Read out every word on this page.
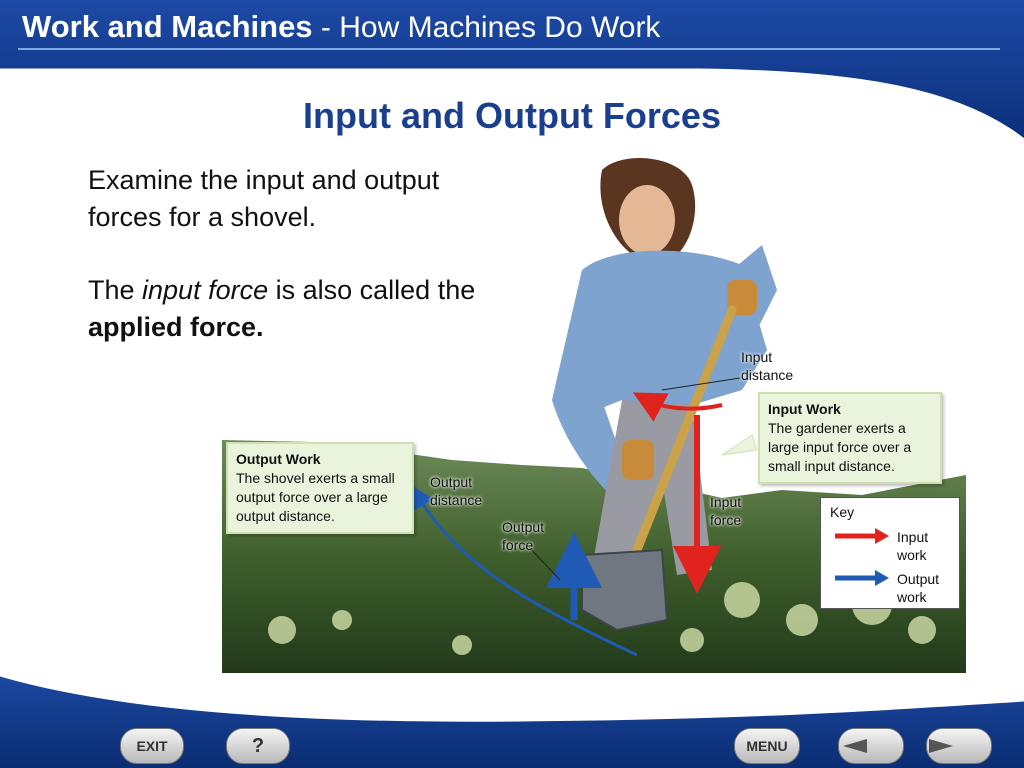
Work and Machines - How Machines Do Work
Input and Output Forces

Examine the input and output forces for a shovel.

The input force is also called the applied force.

Output Work
The shovel exerts a small output force over a large output distance.
Input Work
The gardener exerts a large input force over a small input distance.
Input distance
Output distance
Output force
Input force	Key
Input work
Output work
EXIT	?	MENU
